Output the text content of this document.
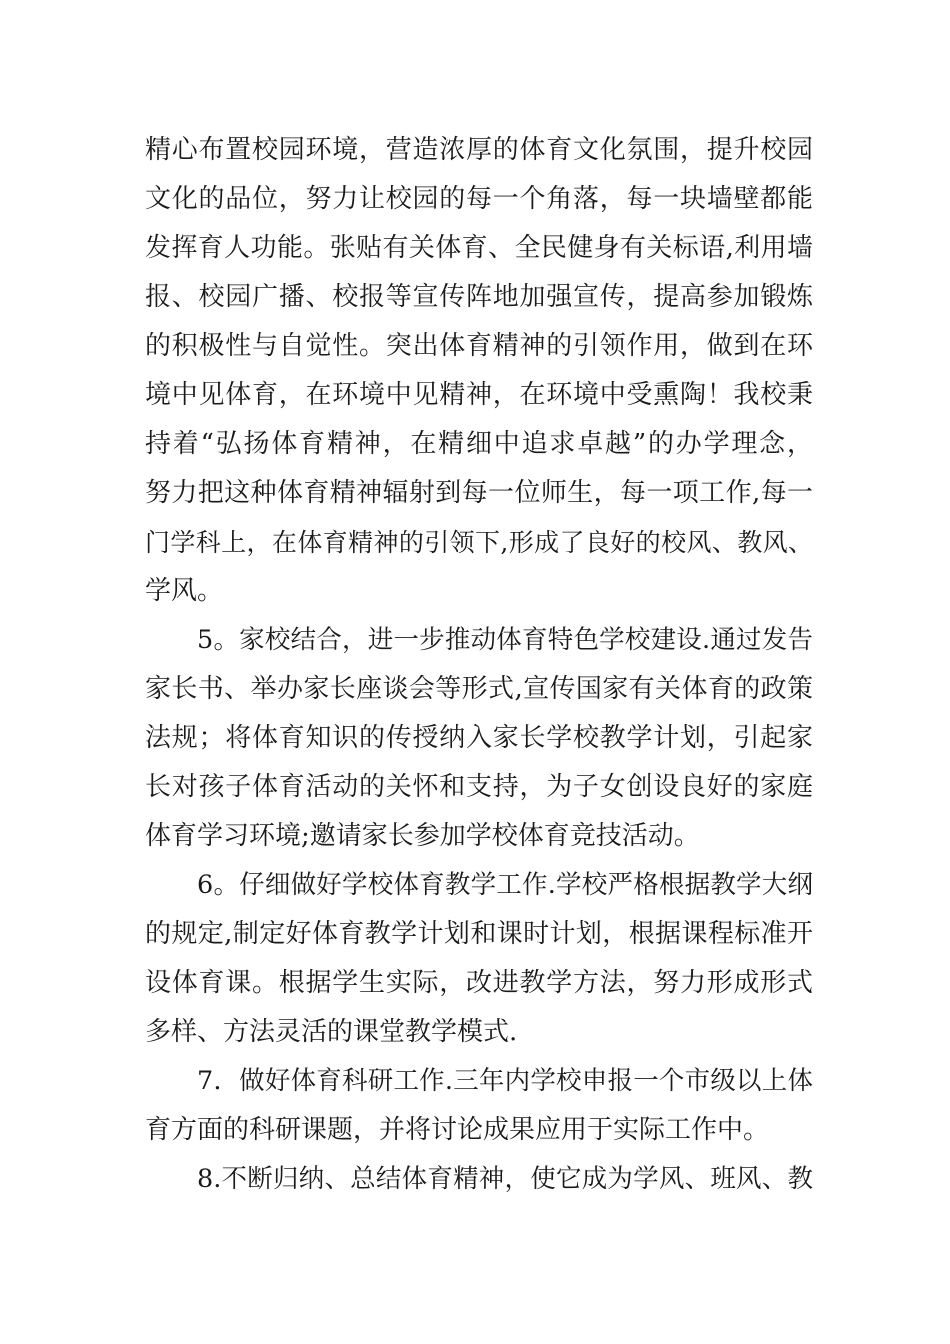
精心布置校园环境，营造浓厚的体育文化氛围，提升校园
文化的品位，努力让校园的每一个角落，每一块墙壁都能
发挥育人功能。张贴有关体育、全民健身有关标语,利用墙
报、校园广播、校报等宣传阵地加强宣传，提高参加锻炼
的积极性与自觉性。突出体育精神的引领作用，做到在环
境中见体育，在环境中见精神，在环境中受熏陶！我校秉
持着“弘扬体育精神，在精细中追求卓越”的办学理念，
努力把这种体育精神辐射到每一位师生，每一项工作,每一
门学科上，在体育精神的引领下,形成了良好的校风、教风、
学风。
5。家校结合，进一步推动体育特色学校建设.通过发告
家长书、举办家长座谈会等形式,宣传国家有关体育的政策
法规；将体育知识的传授纳入家长学校教学计划，引起家
长对孩子体育活动的关怀和支持，为子女创设良好的家庭
体育学习环境;邀请家长参加学校体育竞技活动。
6。仔细做好学校体育教学工作.学校严格根据教学大纲
的规定,制定好体育教学计划和课时计划，根据课程标准开
设体育课。根据学生实际，改进教学方法，努力形成形式
多样、方法灵活的课堂教学模式.
7．做好体育科研工作.三年内学校申报一个市级以上体
育方面的科研课题，并将讨论成果应用于实际工作中。
8.不断归纳、总结体育精神，使它成为学风、班风、教
